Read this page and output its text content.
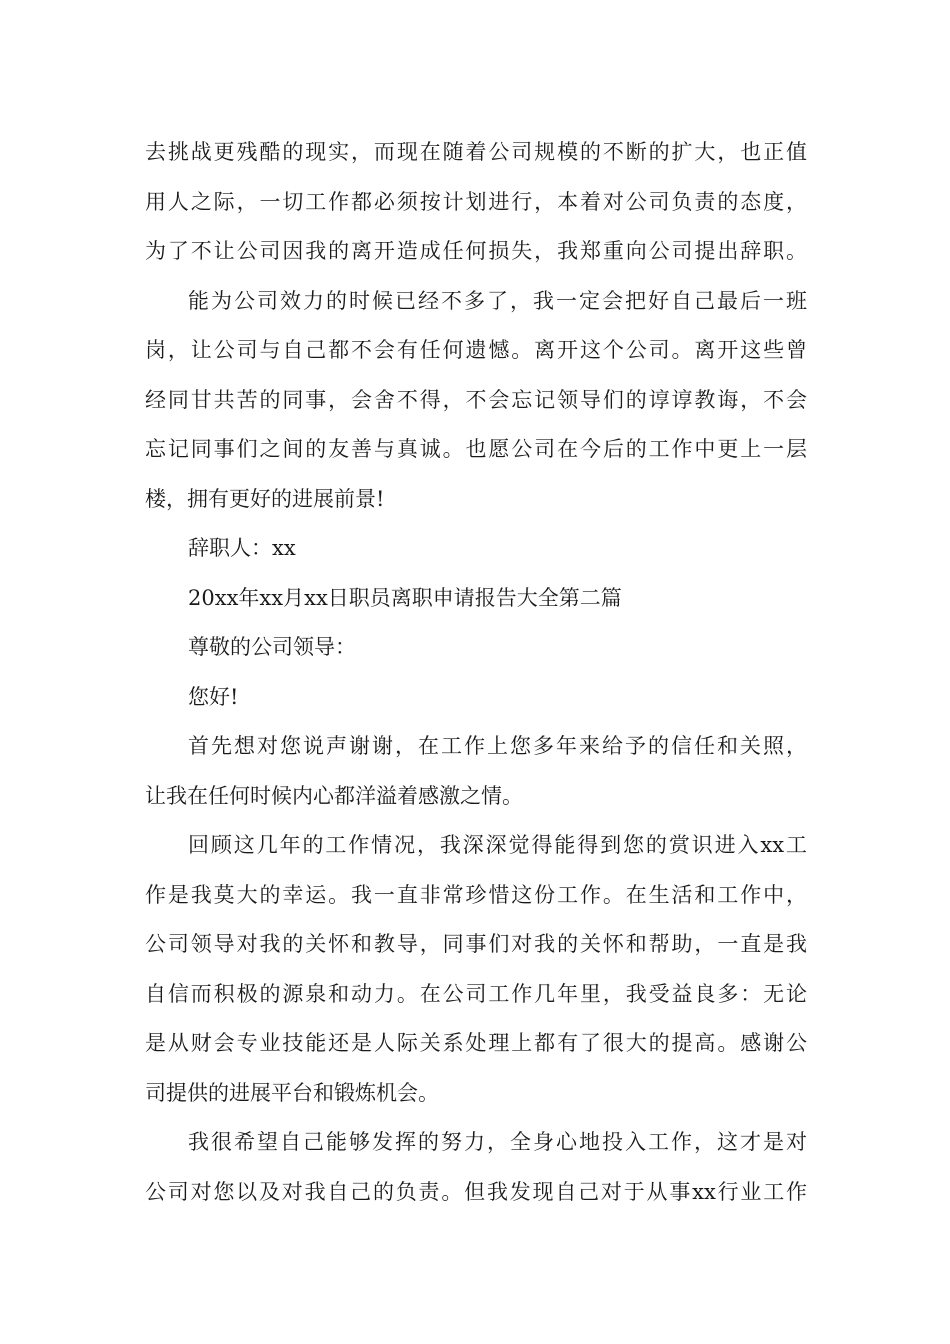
去挑战更残酷的现实，而现在随着公司规模的不断的扩大，也正值
用人之际，一切工作都必须按计划进行，本着对公司负责的态度，
为了不让公司因我的离开造成任何损失，我郑重向公司提出辞职。
能为公司效力的时候已经不多了，我一定会把好自己最后一班
岗，让公司与自己都不会有任何遗憾。离开这个公司。离开这些曾
经同甘共苦的同事，会舍不得，不会忘记领导们的谆谆教诲，不会
忘记同事们之间的友善与真诚。也愿公司在今后的工作中更上一层
楼，拥有更好的进展前景!
辞职人：xx
20xx年xx月xx日职员离职申请报告大全第二篇
尊敬的公司领导：
您好!
首先想对您说声谢谢，在工作上您多年来给予的信任和关照，
让我在任何时候内心都洋溢着感激之情。
回顾这几年的工作情况，我深深觉得能得到您的赏识进入xx工
作是我莫大的幸运。我一直非常珍惜这份工作。在生活和工作中，
公司领导对我的关怀和教导，同事们对我的关怀和帮助，一直是我
自信而积极的源泉和动力。在公司工作几年里，我受益良多：无论
是从财会专业技能还是人际关系处理上都有了很大的提高。感谢公
司提供的进展平台和锻炼机会。
我很希望自己能够发挥的努力，全身心地投入工作，这才是对
公司对您以及对我自己的负责。但我发现自己对于从事xx行业工作
